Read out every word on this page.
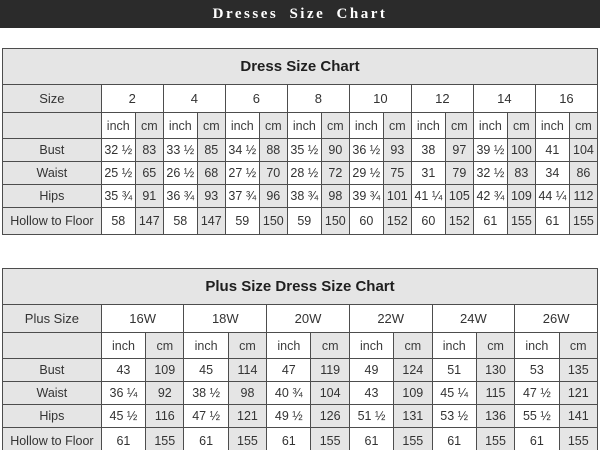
Dresses Size Chart
Dress Size Chart																
Size	2		4		6		8		10		12		14		16	
	inch	cm	inch	cm	inch	cm	inch	cm	inch	cm	inch	cm	inch	cm	inch	cm
Bust	32 ½	83	33 ½	85	34 ½	88	35 ½	90	36 ½	93	38	97	39 ½	100	41	104
Waist	25 ½	65	26 ½	68	27 ½	70	28 ½	72	29 ½	75	31	79	32 ½	83	34	86
Hips	35 ¾	91	36 ¾	93	37 ¾	96	38 ¾	98	39 ¾	101	41 ¼	105	42 ¾	109	44 ¼	112
Hollow to Floor	58	147	58	147	59	150	59	150	60	152	60	152	61	155	61	155
Plus Size Dress Size Chart												
Plus Size	16W		18W		20W		22W		24W		26W	
	inch	cm	inch	cm	inch	cm	inch	cm	inch	cm	inch	cm
Bust	43	109	45	114	47	119	49	124	51	130	53	135
Waist	36 ¼	92	38 ½	98	40 ¾	104	43	109	45 ¼	115	47 ½	121
Hips	45 ½	116	47 ½	121	49 ½	126	51 ½	131	53 ½	136	55 ½	141
Hollow to Floor	61	155	61	155	61	155	61	155	61	155	61	155
